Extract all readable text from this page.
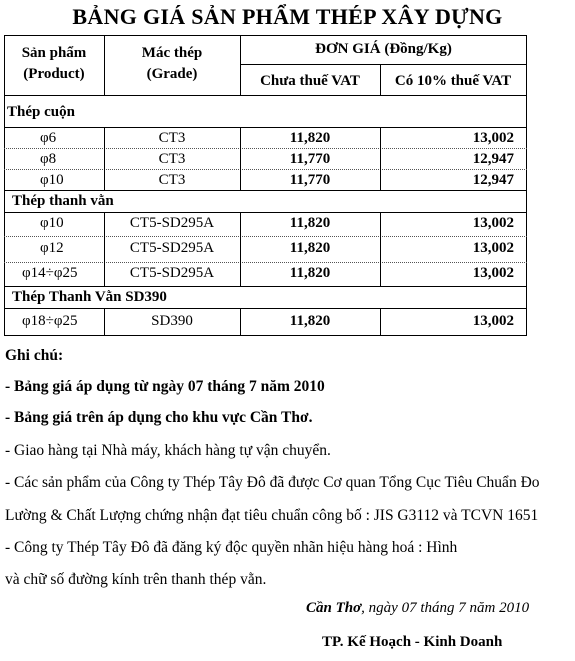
BẢNG GIÁ SẢN PHẨM THÉP XÂY DỰNG
Sản phẩm
(Product)
Mác thép
(Grade)
ĐƠN GIÁ (Đồng/Kg)
Chưa thuế VAT	Có 10% thuế VAT
Thép cuộn
φ6	CT3	11,820	13,002
φ8	CT3	11,770	12,947
φ10	CT3	11,770	12,947
Thép thanh vằn
φ10	CT5-SD295A	11,820	13,002
φ12	CT5-SD295A	11,820	13,002
φ14÷φ25	CT5-SD295A	11,820	13,002
Thép Thanh Vằn SD390
φ18÷φ25	SD390	11,820	13,002
Ghi chú:
- Bảng giá áp dụng từ ngày 07 tháng 7 năm 2010
- Bảng giá trên áp dụng cho khu vực Cần Thơ.
- Giao hàng tại Nhà máy, khách hàng tự vận chuyển.
- Các sản phẩm của Công ty Thép Tây Đô đã được Cơ quan Tổng Cục Tiêu Chuẩn Đo
Lường & Chất Lượng chứng nhận đạt tiêu chuẩn công bố : JIS G3112 và TCVN 1651
- Công ty Thép Tây Đô đã đăng ký độc quyền nhãn hiệu hàng hoá : Hình
và chữ số đường kính trên thanh thép vằn.
Cần Thơ, ngày 07 tháng 7 năm 2010
TP. Kế Hoạch - Kinh Doanh
